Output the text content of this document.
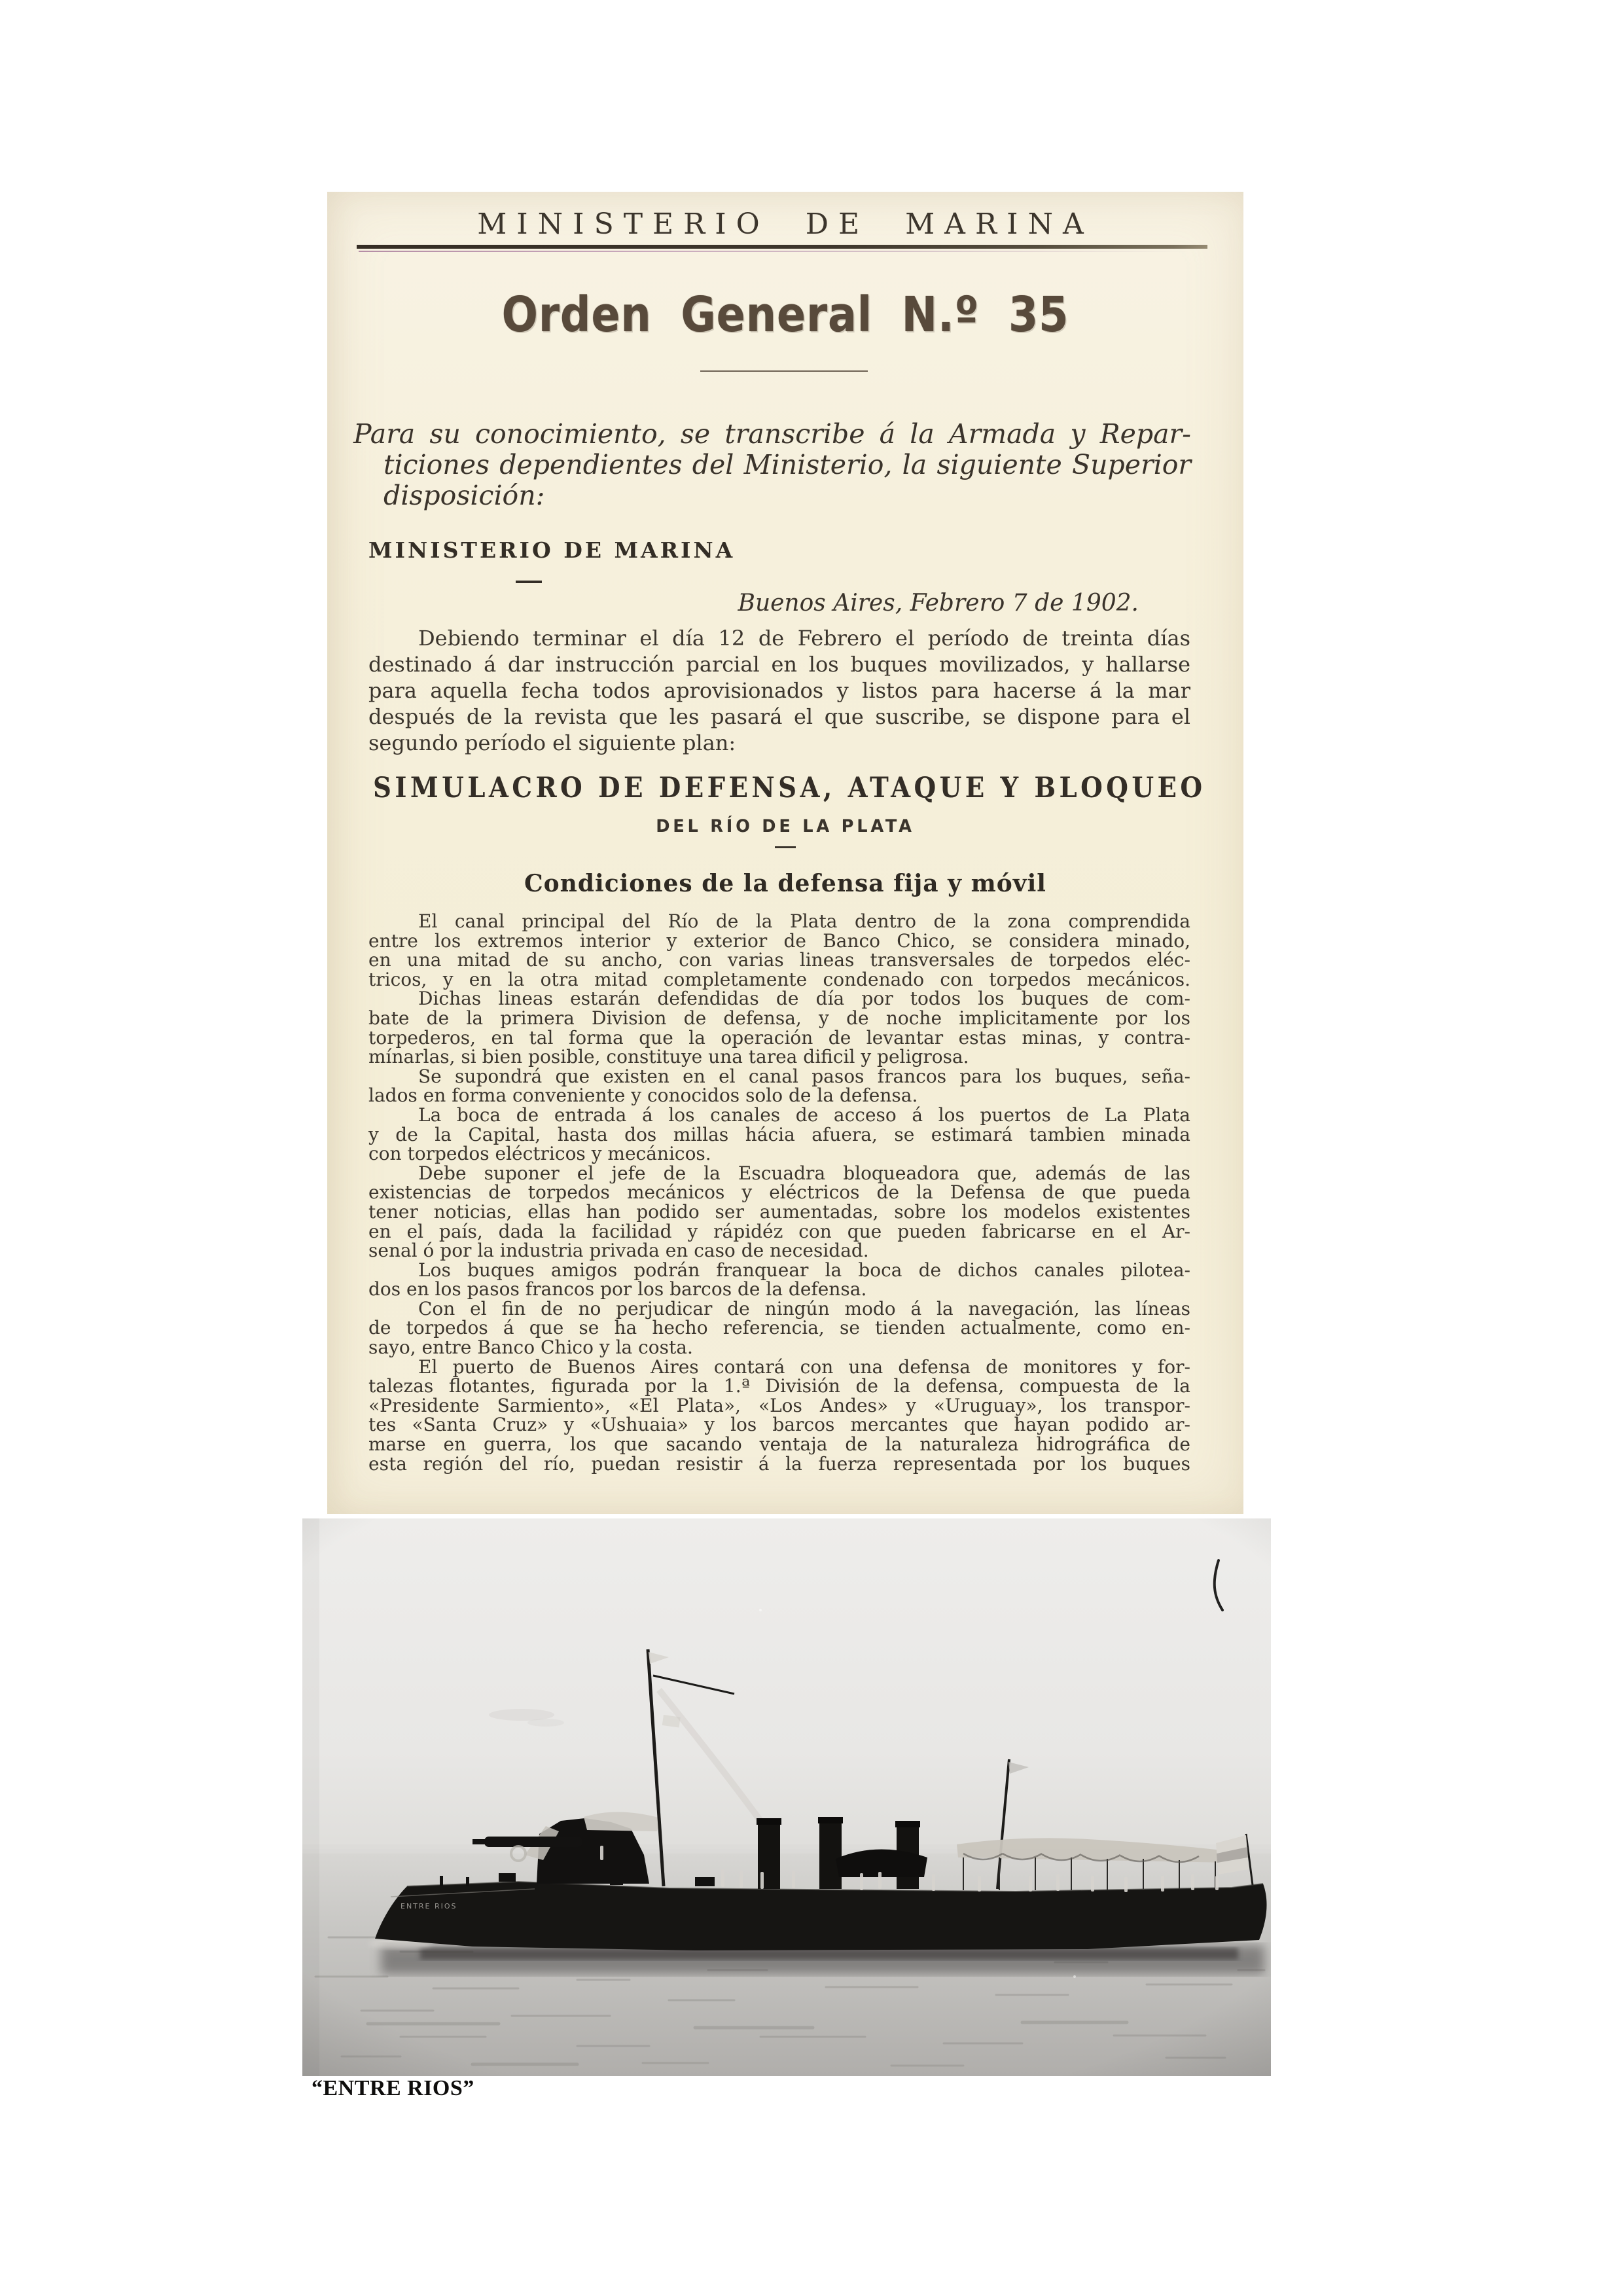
MINISTERIO DE MARINA
Orden General N.º 35
Para su conocimiento, se transcribe á la Armada y Repar-
ticiones dependientes del Ministerio, la siguiente Superior
disposición:
MINISTERIO DE MARINA
Buenos Aires, Febrero 7 de 1902.
Debiendo terminar el día 12 de Febrero el período de treinta días
destinado á dar instrucción parcial en los buques movilizados, y hallarse
para aquella fecha todos aprovisionados y listos para hacerse á la mar
después de la revista que les pasará el que suscribe, se dispone para el
segundo período el siguiente plan:
SIMULACRO DE DEFENSA, ATAQUE Y BLOQUEO
DEL RÍO DE LA PLATA
Condiciones de la defensa fija y móvil
El canal principal del Río de la Plata dentro de la zona comprendida
entre los extremos interior y exterior de Banco Chico, se considera minado,
en una mitad de su ancho, con varias lineas transversales de torpedos eléc-
tricos, y en la otra mitad completamente condenado con torpedos mecánicos.
Dichas lineas estarán defendidas de día por todos los buques de com-
bate de la primera Division de defensa, y de noche implicitamente por los
torpederos, en tal forma que la operación de levantar estas minas, y contra-
mínarlas, si bien posible, constituye una tarea dificil y peligrosa.
Se supondrá que existen en el canal pasos francos para los buques, seña-
lados en forma conveniente y conocidos solo de la defensa.
La boca de entrada á los canales de acceso á los puertos de La Plata
y de la Capital, hasta dos millas hácia afuera, se estimará tambien minada
con torpedos eléctricos y mecánicos.
Debe suponer el jefe de la Escuadra bloqueadora que, además de las
existencias de torpedos mecánicos y eléctricos de la Defensa de que pueda
tener noticias, ellas han podido ser aumentadas, sobre los modelos existentes
en el país, dada la facilidad y rápidéz con que pueden fabricarse en el Ar-
senal ó por la industria privada en caso de necesidad.
Los buques amigos podrán franquear la boca de dichos canales pilotea-
dos en los pasos francos por los barcos de la defensa.
Con el fin de no perjudicar de ningún modo á la navegación, las líneas
de torpedos á que se ha hecho referencia, se tienden actualmente, como en-
sayo, entre Banco Chico y la costa.
El puerto de Buenos Aires contará con una defensa de monitores y for-
talezas flotantes, figurada por la 1.ª División de la defensa, compuesta de la
«Presidente Sarmiento», «El Plata», «Los Andes» y «Uruguay», los transpor-
tes «Santa Cruz» y «Ushuaia» y los barcos mercantes que hayan podido ar-
marse en guerra, los que sacando ventaja de la naturaleza hidrográfica de
esta región del río, puedan resistir á la fuerza representada por los buques
“ENTRE RIOS”
